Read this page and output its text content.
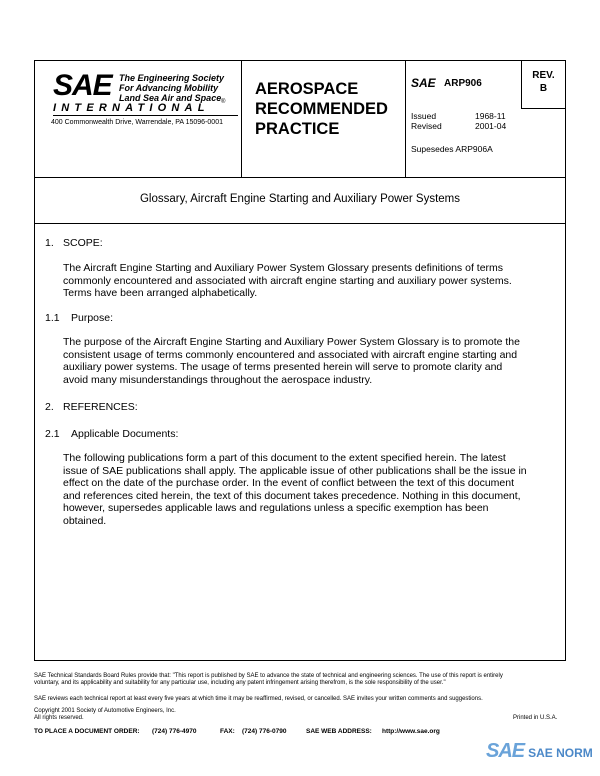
SAE The Engineering Society
For Advancing Mobility
Land Sea Air and Space ®
INTERNATIONAL
400 Commonwealth Drive, Warrendale, PA 15096-0001
AEROSPACE
RECOMMENDED
PRACTICE
SAE ARP906
REV.
B
Issued	1968-11
Revised	2001-04
Supesedes ARP906A
Glossary, Aircraft Engine Starting and Auxiliary Power Systems
1. SCOPE:
The Aircraft Engine Starting and Auxiliary Power System Glossary presents definitions of terms
commonly encountered and associated with aircraft engine starting and auxiliary power systems.
Terms have been arranged alphabetically.
1.1 Purpose:
The purpose of the Aircraft Engine Starting and Auxiliary Power System Glossary is to promote the
consistent usage of terms commonly encountered and associated with aircraft engine starting and
auxiliary power systems. The usage of terms presented herein will serve to promote clarity and
avoid many misunderstandings throughout the aerospace industry.
2. REFERENCES:
2.1 Applicable Documents:
The following publications form a part of this document to the extent specified herein. The latest
issue of SAE publications shall apply. The applicable issue of other publications shall be the issue in
effect on the date of the purchase order. In the event of conflict between the text of this document
and references cited herein, the text of this document takes precedence. Nothing in this document,
however, supersedes applicable laws and regulations unless a specific exemption has been
obtained.
SAE Technical Standards Board Rules provide that: "This report is published by SAE to advance the state of technical and engineering sciences. The use of this report is entirely
voluntary, and its applicability and suitability for any particular use, including any patent infringement arising therefrom, is the sole responsibility of the user."
SAE reviews each technical report at least every five years at which time it may be reaffirmed, revised, or cancelled. SAE invites your written comments and suggestions.
Copyright 2001 Society of Automotive Engineers, Inc.
All rights reserved.	Printed in U.S.A.
TO PLACE A DOCUMENT ORDER: (724) 776-4970	FAX: (724) 776-0790	SAE WEB ADDRESS: http://www.sae.org
SAE SAE NORM
